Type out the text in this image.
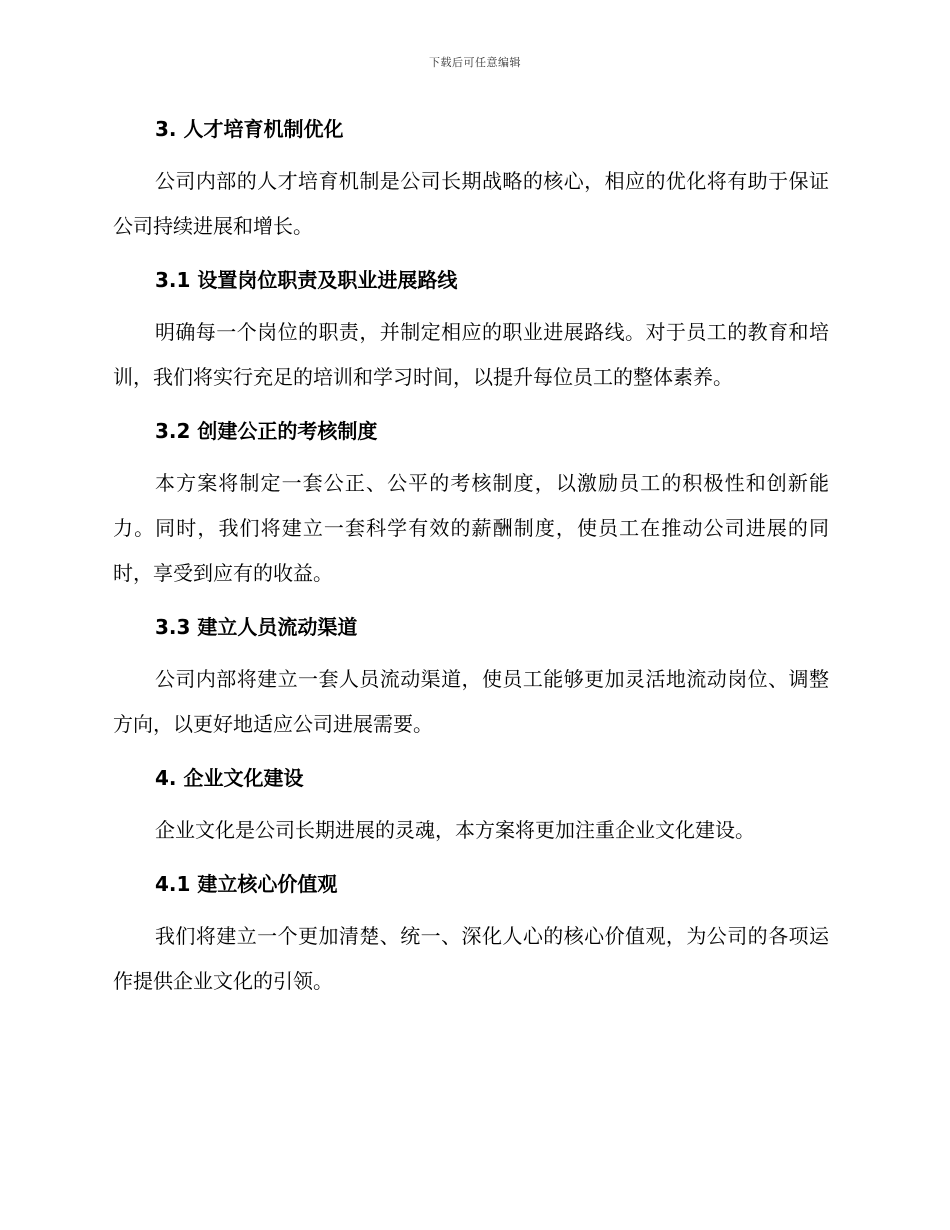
下载后可任意编辑
3. 人才培育机制优化

公司内部的人才培育机制是公司长期战略的核心，相应的优化将有助于保证公司持续进展和增长。

3.1 设置岗位职责及职业进展路线

明确每一个岗位的职责，并制定相应的职业进展路线。对于员工的教育和培训，我们将实行充足的培训和学习时间，以提升每位员工的整体素养。

3.2 创建公正的考核制度

本方案将制定一套公正、公平的考核制度，以激励员工的积极性和创新能力。同时，我们将建立一套科学有效的薪酬制度，使员工在推动公司进展的同时，享受到应有的收益。

3.3 建立人员流动渠道

公司内部将建立一套人员流动渠道，使员工能够更加灵活地流动岗位、调整方向，以更好地适应公司进展需要。

4. 企业文化建设

企业文化是公司长期进展的灵魂，本方案将更加注重企业文化建设。

4.1 建立核心价值观

我们将建立一个更加清楚、统一、深化人心的核心价值观，为公司的各项运作提供企业文化的引领。
